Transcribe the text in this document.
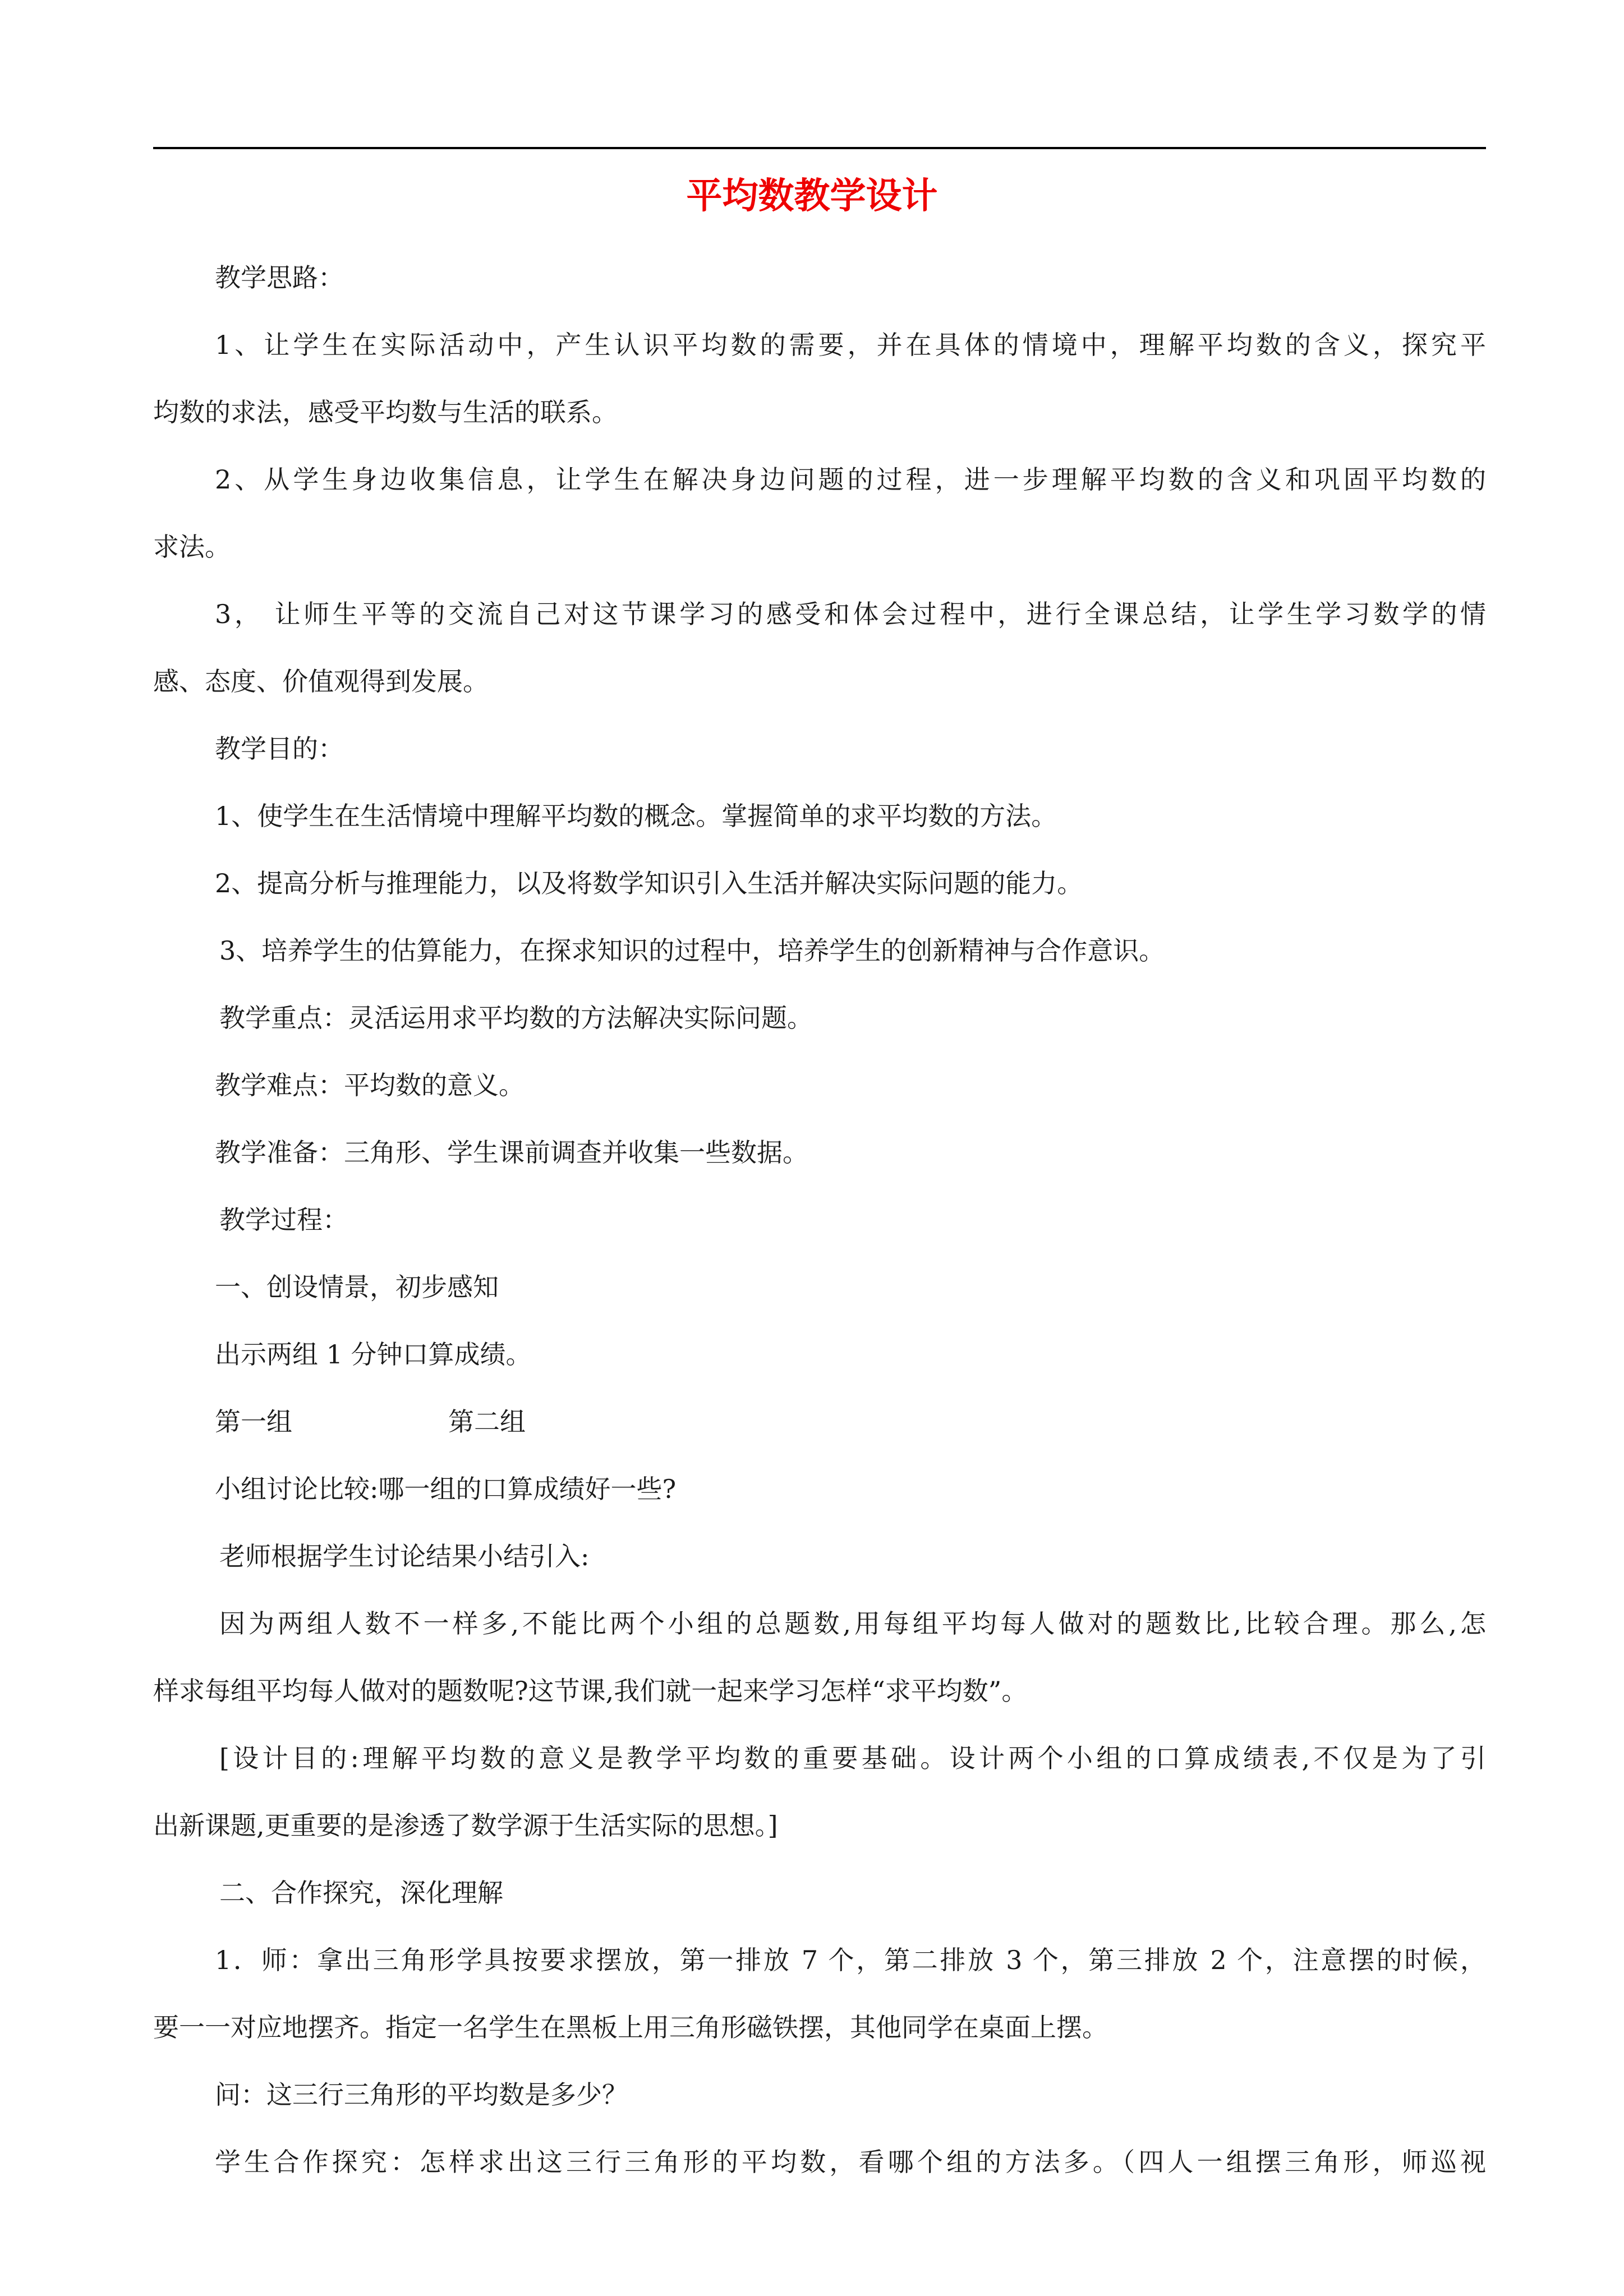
平均数教学设计

教学思路：

1、让学生在实际活动中，产生认识平均数的需要，并在具体的情境中，理解平均数的含义，探究平

均数的求法，感受平均数与生活的联系。

2、从学生身边收集信息，让学生在解决身边问题的过程，进一步理解平均数的含义和巩固平均数的

求法。

3， 让师生平等的交流自己对这节课学习的感受和体会过程中，进行全课总结，让学生学习数学的情

感、态度、价值观得到发展。

教学目的：

1、使学生在生活情境中理解平均数的概念。掌握简单的求平均数的方法。

2、提高分析与推理能力，以及将数学知识引入生活并解决实际问题的能力。

3、培养学生的估算能力，在探求知识的过程中，培养学生的创新精神与合作意识。

教学重点：灵活运用求平均数的方法解决实际问题。

教学难点：平均数的意义。

教学准备：三角形、学生课前调查并收集一些数据。

教学过程：

一、创设情景，初步感知

出示两组 1 分钟口算成绩。

第一组	第二组

小组讨论比较:哪一组的口算成绩好一些?

老师根据学生讨论结果小结引入:

因为两组人数不一样多,不能比两个小组的总题数,用每组平均每人做对的题数比,比较合理。那么,怎

样求每组平均每人做对的题数呢?这节课,我们就一起来学习怎样“求平均数”。

[设计目的:理解平均数的意义是教学平均数的重要基础。设计两个小组的口算成绩表,不仅是为了引

出新课题,更重要的是渗透了数学源于生活实际的思想。]

二、合作探究，深化理解

1．师：拿出三角形学具按要求摆放，第一排放 7 个，第二排放 3 个，第三排放 2 个，注意摆的时候，

要一一对应地摆齐。指定一名学生在黑板上用三角形磁铁摆，其他同学在桌面上摆。

问：这三行三角形的平均数是多少？

学生合作探究：怎样求出这三行三角形的平均数，看哪个组的方法多。（四人一组摆三角形，师巡视
